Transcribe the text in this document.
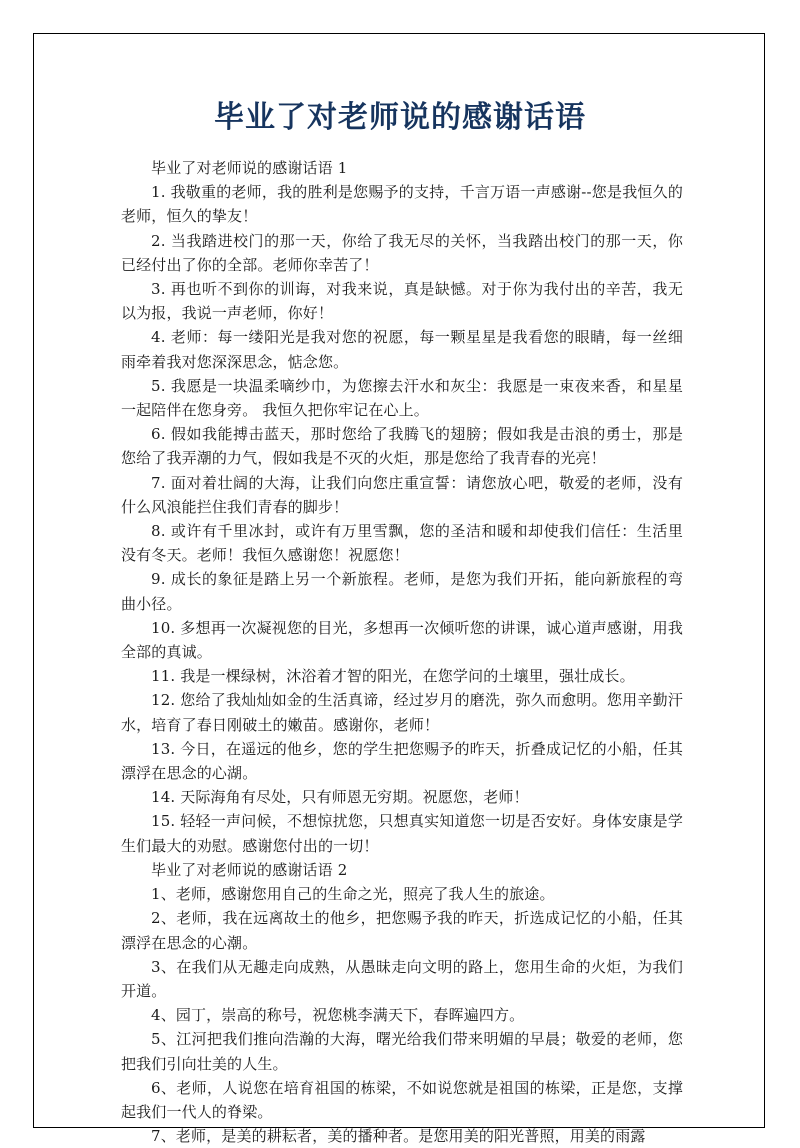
毕业了对老师说的感谢话语

毕业了对老师说的感谢话语 1

1. 我敬重的老师，我的胜利是您赐予的支持，千言万语一声感谢--您是我恒久的老师，恒久的挚友！

2. 当我踏进校门的那一天，你给了我无尽的关怀，当我踏出校门的那一天，你已经付出了你的全部。老师你幸苦了！

3. 再也听不到你的训诲，对我来说，真是缺憾。对于你为我付出的辛苦，我无以为报，我说一声老师，你好！

4. 老师：每一缕阳光是我对您的祝愿，每一颗星星是我看您的眼睛，每一丝细雨牵着我对您深深思念，惦念您。

5. 我愿是一块温柔嘀纱巾，为您擦去汗水和灰尘：我愿是一束夜来香，和星星一起陪伴在您身旁。 我恒久把你牢记在心上。

6. 假如我能搏击蓝天，那时您给了我腾飞的翅膀；假如我是击浪的勇士，那是您给了我弄潮的力气，假如我是不灭的火炬，那是您给了我青春的光亮！

7. 面对着壮阔的大海，让我们向您庄重宣誓：请您放心吧，敬爱的老师，没有什么风浪能拦住我们青春的脚步！

8. 或许有千里冰封，或许有万里雪飘，您的圣洁和暖和却使我们信任：生活里没有冬天。老师！我恒久感谢您！祝愿您！

9. 成长的象征是踏上另一个新旅程。老师，是您为我们开拓，能向新旅程的弯曲小径。

10. 多想再一次凝视您的目光，多想再一次倾听您的讲课，诚心道声感谢，用我全部的真诚。

11. 我是一棵绿树，沐浴着才智的阳光，在您学问的土壤里，强壮成长。

12. 您给了我灿灿如金的生活真谛，经过岁月的磨洗，弥久而愈明。您用辛勤汗水，培育了春日刚破土的嫩苗。感谢你，老师！

13. 今日，在遥远的他乡，您的学生把您赐予的昨天，折叠成记忆的小船，任其漂浮在思念的心湖。

14. 天际海角有尽处，只有师恩无穷期。祝愿您，老师！

15. 轻轻一声问候，不想惊扰您，只想真实知道您一切是否安好。身体安康是学生们最大的劝慰。感谢您付出的一切！

毕业了对老师说的感谢话语 2

1、老师，感谢您用自己的生命之光，照亮了我人生的旅途。

2、老师，我在远离故土的他乡，把您赐予我的昨天，折选成记忆的小船，任其漂浮在思念的心潮。

3、在我们从无趣走向成熟，从愚昧走向文明的路上，您用生命的火炬，为我们开道。

4、园丁，崇高的称号，祝您桃李满天下，春晖遍四方。

5、江河把我们推向浩瀚的大海，曙光给我们带来明媚的早晨；敬爱的老师，您把我们引向壮美的人生。

6、老师，人说您在培育祖国的栋梁，不如说您就是祖国的栋梁，正是您，支撑起我们一代人的脊梁。

7、老师，是美的耕耘者，美的播种者。是您用美的阳光普照，用美的雨露
